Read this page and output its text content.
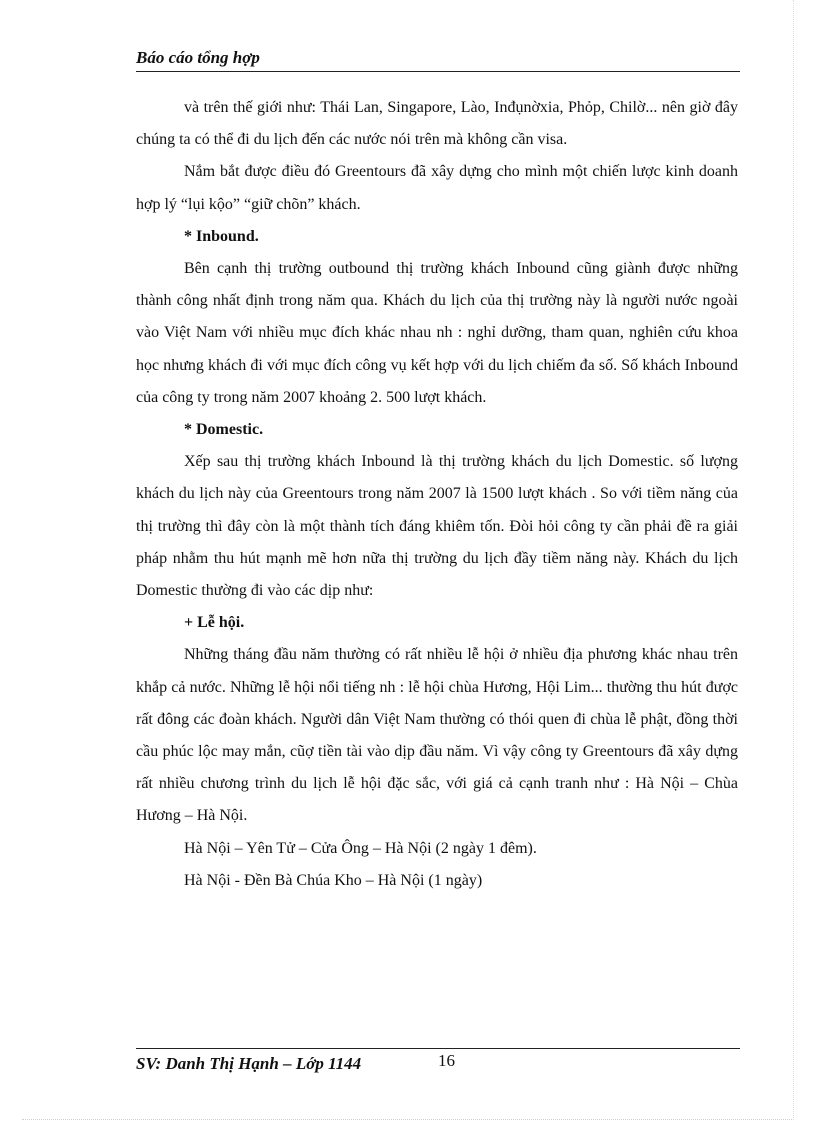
Báo cáo tổng hợp

và trên thế giới như: Thái Lan, Singapore, Lào, Inđụnờxia, Phỏp, Chilờ... nên giờ đây chúng ta có thể đi du lịch đến các nước nói trên mà không cần visa.

Nắm bắt được điều đó Greentours đã xây dựng cho mình một chiến lược kinh doanh hợp lý “lụi kộo” “giữ chõn” khách.

* Inbound.

Bên cạnh thị trường outbound thị trường khách Inbound cũng giành được những thành công nhất định trong năm qua. Khách du lịch của thị trường này là người nước ngoài vào Việt Nam với nhiều mục đích khác nhau nh : nghỉ dưỡng, tham quan, nghiên cứu khoa học nhưng khách đi với mục đích công vụ kết hợp với du lịch chiếm đa số. Số khách Inbound của công ty trong năm 2007 khoảng 2. 500 lượt khách.

* Domestic.

Xếp sau thị trường khách Inbound là thị trường khách du lịch Domestic. số lượng khách du lịch này của Greentours trong năm 2007 là 1500 lượt khách . So với tiềm năng của thị trường thì đây còn là một thành tích đáng khiêm tốn. Đòi hỏi công ty cần phải đề ra giải pháp nhằm thu hút mạnh mẽ hơn nữa thị trường du lịch đầy tiềm năng này. Khách du lịch Domestic thường đi vào các dịp như:

+ Lễ hội.

Những tháng đầu năm thường có rất nhiều lễ hội ở nhiều địa phương khác nhau trên khắp cả nước. Những lễ hội nổi tiếng nh : lễ hội chùa Hương, Hội Lim... thường thu hút được rất đông các đoàn khách. Người dân Việt Nam thường có thói quen đi chùa lễ phật, đồng thời cầu phúc lộc may mắn, cũợ tiền tài vào dịp đầu năm. Vì vậy công ty Greentours đã xây dựng rất nhiều chương trình du lịch lễ hội đặc sắc, với giá cả cạnh tranh như : Hà Nội – Chùa Hương – Hà Nội.

Hà Nội – Yên Tử – Cửa Ông – Hà Nội (2 ngày 1 đêm).

Hà Nội - Đền Bà Chúa Kho – Hà Nội (1 ngày)

SV: Danh Thị Hạnh – Lớp 1144	16
